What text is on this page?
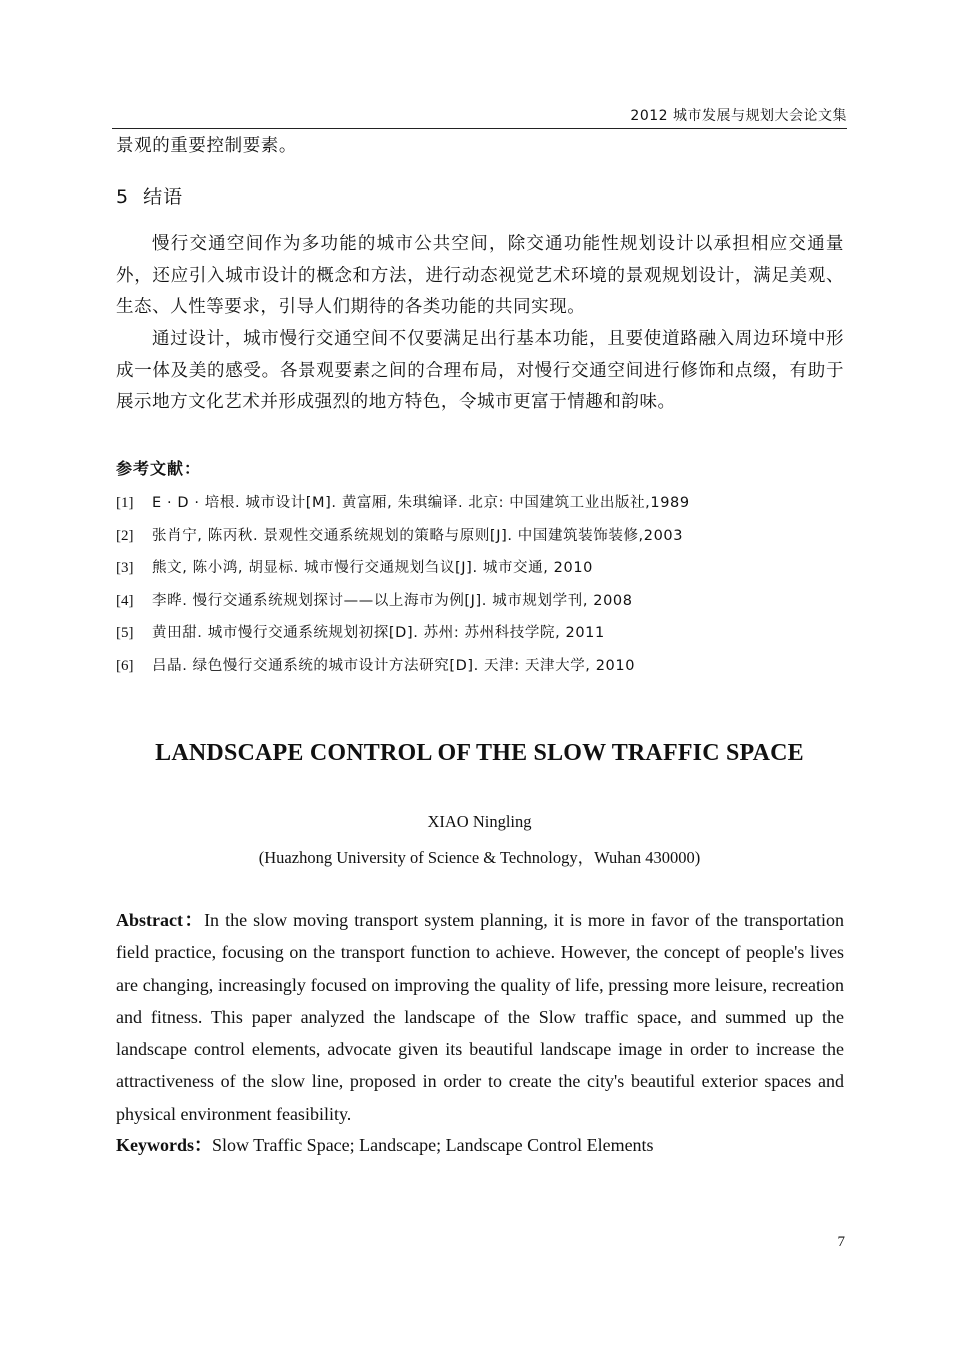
2012 城市发展与规划大会论文集
景观的重要控制要素。
5 结语

慢行交通空间作为多功能的城市公共空间，除交通功能性规划设计以承担相应交通量外，还应引入城市设计的概念和方法，进行动态视觉艺术环境的景观规划设计，满足美观、生态、人性等要求，引导人们期待的各类功能的共同实现。

通过设计，城市慢行交通空间不仅要满足出行基本功能，且要使道路融入周边环境中形成一体及美的感受。各景观要素之间的合理布局，对慢行交通空间进行修饰和点缀，有助于展示地方文化艺术并形成强烈的地方特色，令城市更富于情趣和韵味。

参考文献：
[1] E · D · 培根. 城市设计[M]. 黄富厢, 朱琪编译. 北京: 中国建筑工业出版社,1989
[2] 张肖宁, 陈丙秋. 景观性交通系统规划的策略与原则[J]. 中国建筑装饰装修,2003
[3] 熊文, 陈小鸿, 胡显标. 城市慢行交通规划刍议[J]. 城市交通, 2010
[4] 李晔. 慢行交通系统规划探讨——以上海市为例[J]. 城市规划学刊, 2008
[5] 黄田甜. 城市慢行交通系统规划初探[D]. 苏州: 苏州科技学院, 2011
[6] 吕晶. 绿色慢行交通系统的城市设计方法研究[D]. 天津: 天津大学, 2010
LANDSCAPE CONTROL OF THE SLOW TRAFFIC SPACE
XIAO Ningling
(Huazhong University of Science & Technology，Wuhan 430000)

Abstract：In the slow moving transport system planning, it is more in favor of the transportation field practice, focusing on the transport function to achieve. However, the concept of people's lives are changing, increasingly focused on improving the quality of life, pressing more leisure, recreation and fitness. This paper analyzed the landscape of the Slow traffic space, and summed up the landscape control elements, advocate given its beautiful landscape image in order to increase the attractiveness of the slow line, proposed in order to create the city's beautiful exterior spaces and physical environment feasibility.

Keywords：Slow Traffic Space; Landscape; Landscape Control Elements

7
